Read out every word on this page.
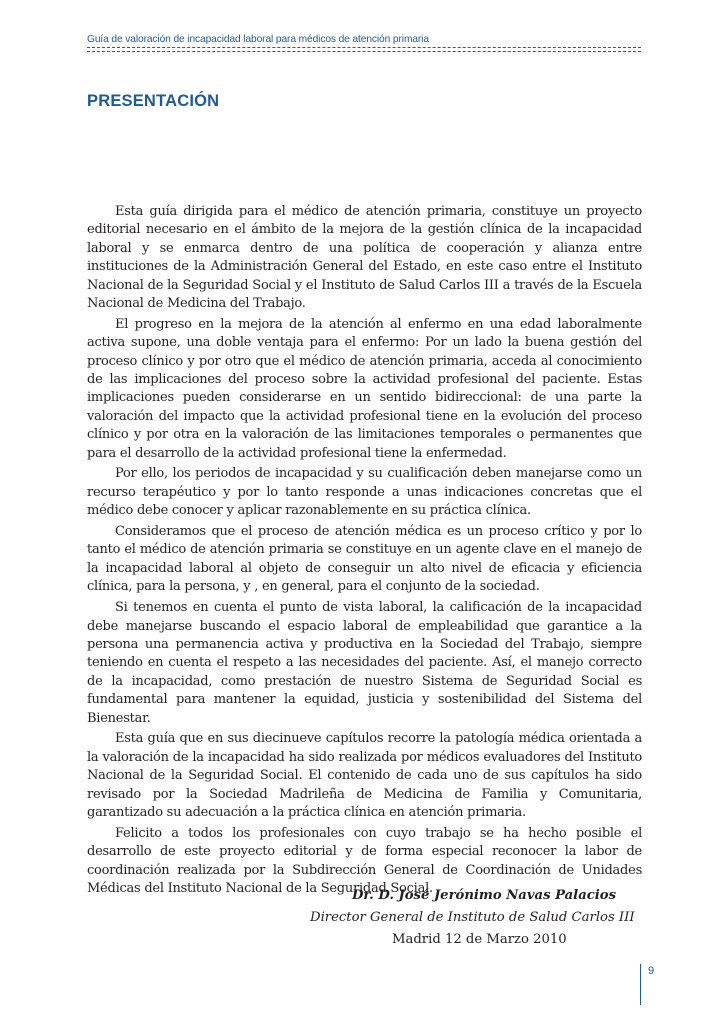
Guía de valoración de incapacidad laboral para médicos de atención primaria
PRESENTACIÓN

Esta guía dirigida para el médico de atención primaria, constituye un proyecto editorial necesario en el ámbito de la mejora de la gestión clínica de la incapacidad laboral y se enmarca dentro de una política de cooperación y alianza entre instituciones de la Administración General del Estado, en este caso entre el Instituto Nacional de la Seguridad Social y el Instituto de Salud Carlos III a través de la Escuela Nacional de Medicina del Trabajo.

El progreso en la mejora de la atención al enfermo en una edad laboralmente activa supone, una doble ventaja para el enfermo: Por un lado la buena gestión del proceso clínico y por otro que el médico de atención primaria, acceda al conocimiento de las implicaciones del proceso sobre la actividad profesional del paciente. Estas implicaciones pueden considerarse en un sentido bidireccional: de una parte la valoración del impacto que la actividad profesional tiene en la evolución del proceso clínico y por otra en la valoración de las limitaciones temporales o permanentes que para el desarrollo de la actividad profesional tiene la enfermedad.

Por ello, los periodos de incapacidad y su cualificación deben manejarse como un recurso terapéutico y por lo tanto responde a unas indicaciones concretas que el médico debe conocer y aplicar razonablemente en su práctica clínica.

Consideramos que el proceso de atención médica es un proceso crítico y por lo tanto el médico de atención primaria se constituye en un agente clave en el manejo de la incapacidad laboral al objeto de conseguir un alto nivel de eficacia y eficiencia clínica, para la persona, y , en general, para el conjunto de la sociedad.

Si tenemos en cuenta el punto de vista laboral, la calificación de la incapacidad debe manejarse buscando el espacio laboral de empleabilidad que garantice a la persona una permanencia activa y productiva en la Sociedad del Trabajo, siempre teniendo en cuenta el respeto a las necesidades del paciente. Así, el manejo correcto de la incapacidad, como prestación de nuestro Sistema de Seguridad Social es fundamental para mantener la equidad, justicia y sostenibilidad del Sistema del Bienestar.

Esta guía que en sus diecinueve capítulos recorre la patología médica orientada a la valoración de la incapacidad ha sido realizada por médicos evaluadores del Instituto Nacional de la Seguridad Social. El contenido de cada uno de sus capítulos ha sido revisado por la Sociedad Madrileña de Medicina de Familia y Comunitaria, garantizado su adecuación a la práctica clínica en atención primaria.

Felicito a todos los profesionales con cuyo trabajo se ha hecho posible el desarrollo de este proyecto editorial y de forma especial reconocer la labor de coordinación realizada por la Subdirección General de Coordinación de Unidades Médicas del Instituto Nacional de la Seguridad Social.

Dr. D. José Jerónimo Navas Palacios
Director General de Instituto de Salud Carlos III
Madrid 12 de Marzo 2010
9
